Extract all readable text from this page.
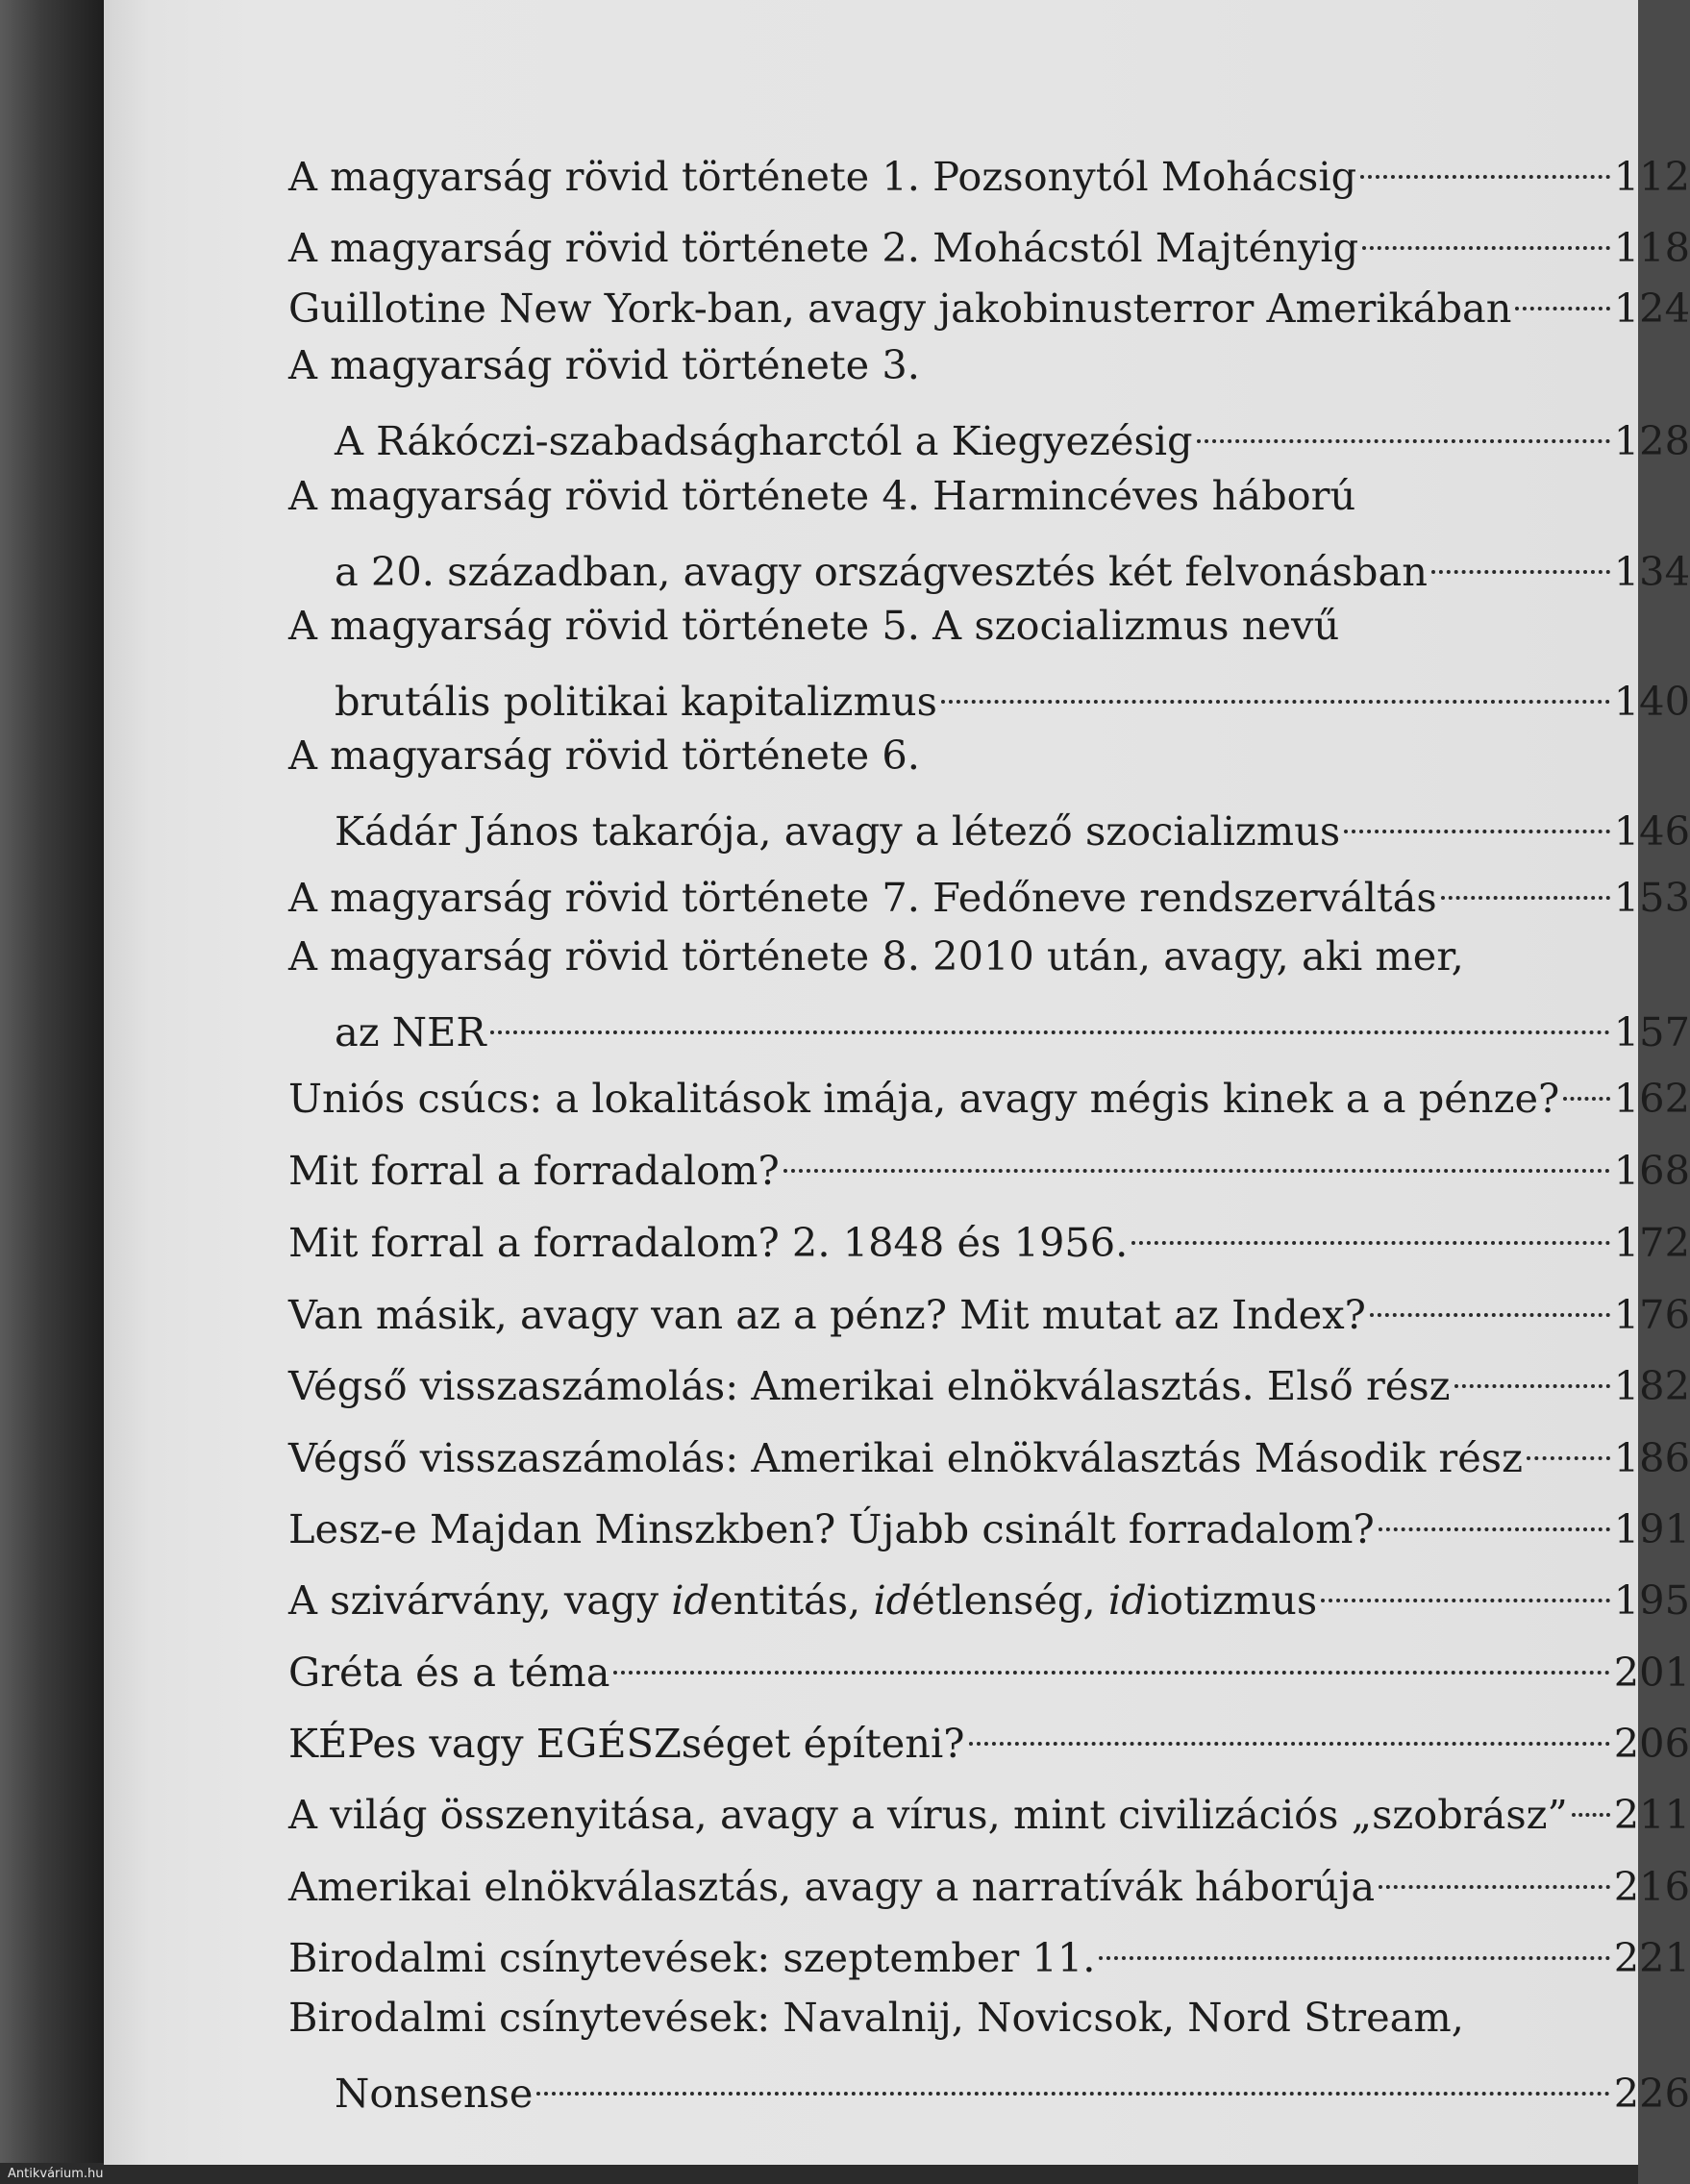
A magyarság rövid története 1. Pozsonytól Mohácsig	112
A magyarság rövid története 2. Mohácstól Majtényig	118
Guillotine New York-ban, avagy jakobinusterror Amerikában	124
A magyarság rövid története 3.
A Rákóczi-szabadságharctól a Kiegyezésig	128
A magyarság rövid története 4. Harmincéves háború
a 20. században, avagy országvesztés két felvonásban	134
A magyarság rövid története 5. A szocializmus nevű
brutális politikai kapitalizmus	140
A magyarság rövid története 6.
Kádár János takarója, avagy a létező szocializmus	146
A magyarság rövid története 7. Fedőneve rendszerváltás	153
A magyarság rövid története 8. 2010 után, avagy, aki mer,
az NER	157
Uniós csúcs: a lokalitások imája, avagy mégis kinek a a pénze? 162
Mit forral a forradalom?	168
Mit forral a forradalom? 2. 1848 és 1956.	172
Van másik, avagy van az a pénz? Mit mutat az Index?	176
Végső visszaszámolás: Amerikai elnökválasztás. Első rész	182
Végső visszaszámolás: Amerikai elnökválasztás Második rész 186
Lesz-e Majdan Minszkben? Újabb csinált forradalom?	191
A szivárvány, vagy identitás, idétlenség, idiotizmus	195
Gréta és a téma	201
KÉPes vagy EGÉSZséget építeni?	206
A világ összenyitása, avagy a vírus, mint civilizációs „szobrász” 211
Amerikai elnökválasztás, avagy a narratívák háborúja	216
Birodalmi csínytevések: szeptember 11.	221
Birodalmi csínytevések: Navalnij, Novicsok, Nord Stream,
Nonsense	226
Antikvárium.hu
